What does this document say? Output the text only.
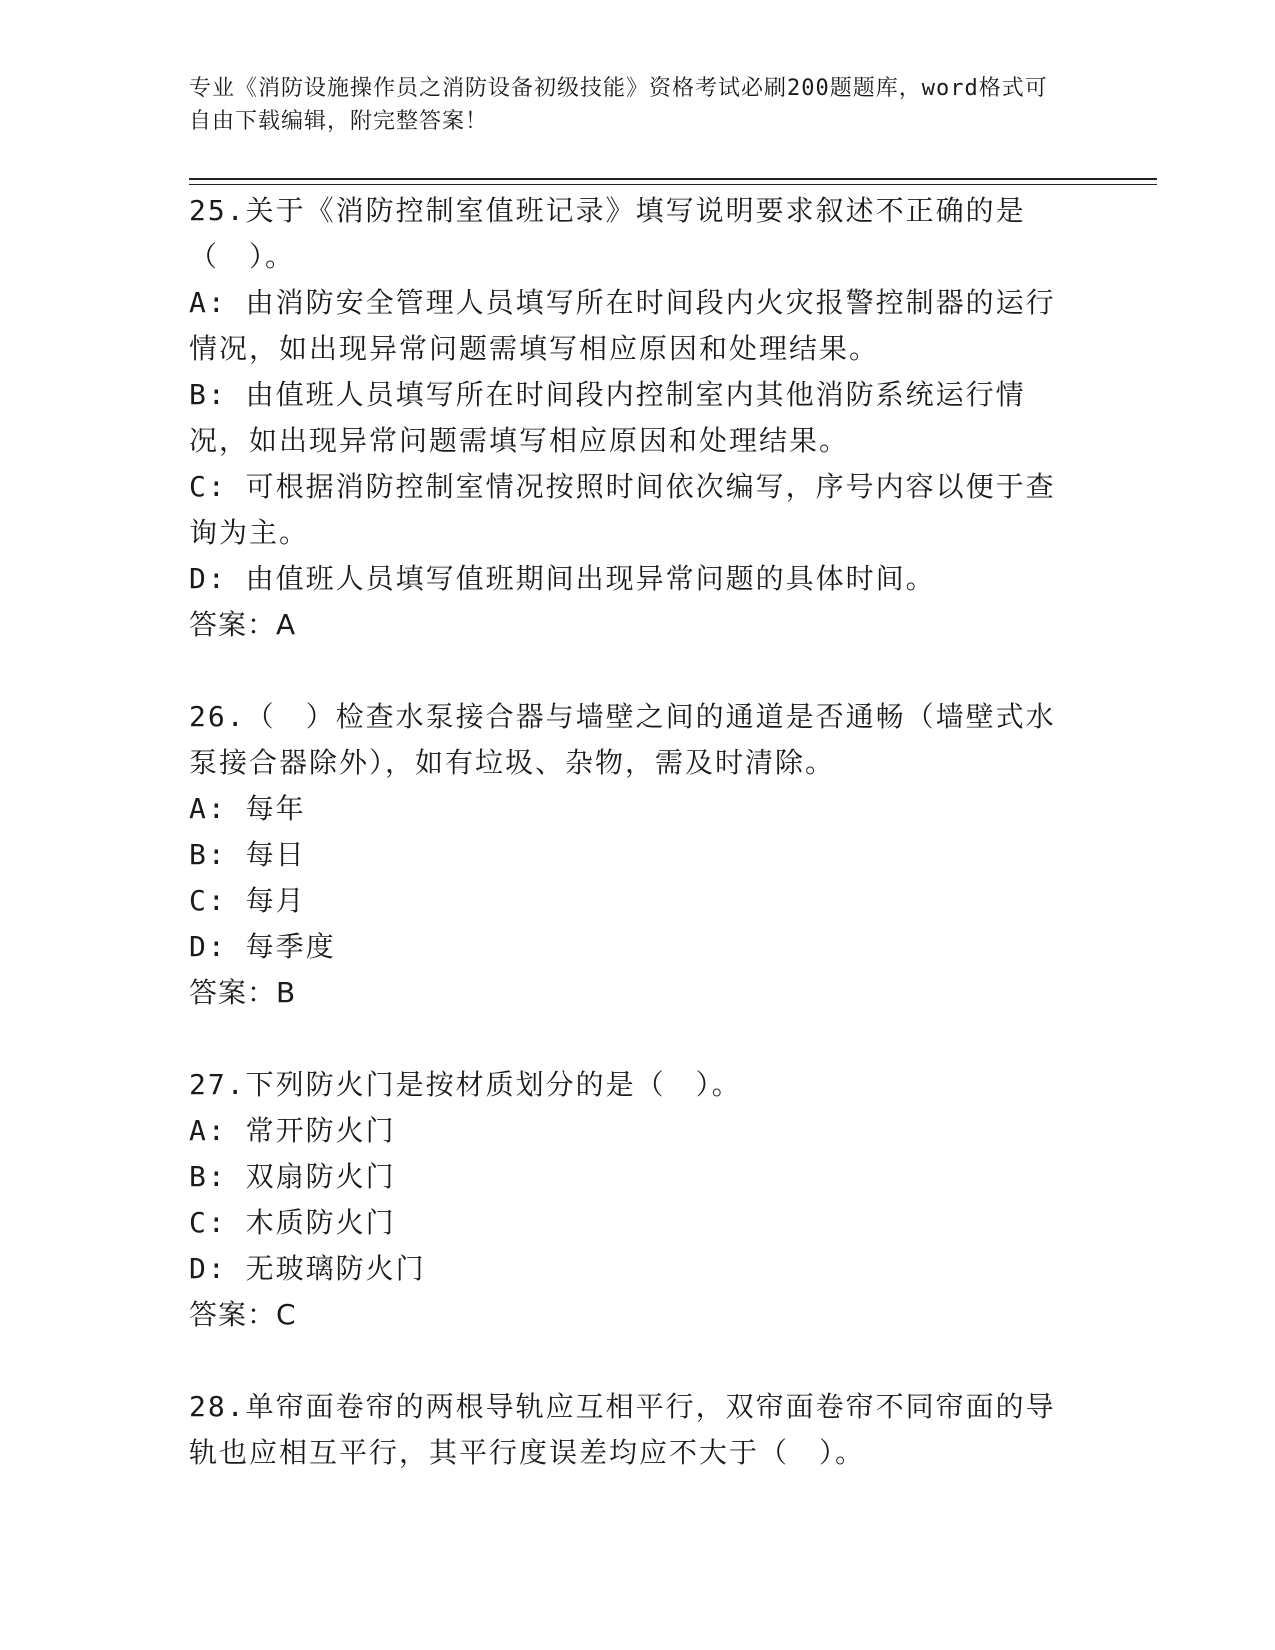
专业《消防设施操作员之消防设备初级技能》资格考试必刷200题题库，word格式可自由下载编辑，附完整答案！

25.关于《消防控制室值班记录》填写说明要求叙述不正确的是（　）。

A: 由消防安全管理人员填写所在时间段内火灾报警控制器的运行情况，如出现异常问题需填写相应原因和处理结果。

B: 由值班人员填写所在时间段内控制室内其他消防系统运行情况，如出现异常问题需填写相应原因和处理结果。

C: 可根据消防控制室情况按照时间依次编写，序号内容以便于查询为主。

D: 由值班人员填写值班期间出现异常问题的具体时间。

答案：A

26.（　）检查水泵接合器与墙壁之间的通道是否通畅（墙壁式水泵接合器除外），如有垃圾、杂物，需及时清除。

A: 每年

B: 每日

C: 每月

D: 每季度

答案：B

27.下列防火门是按材质划分的是（　）。

A: 常开防火门

B: 双扇防火门

C: 木质防火门

D: 无玻璃防火门

答案：C

28.单帘面卷帘的两根导轨应互相平行，双帘面卷帘不同帘面的导轨也应相互平行，其平行度误差均应不大于（　）。
